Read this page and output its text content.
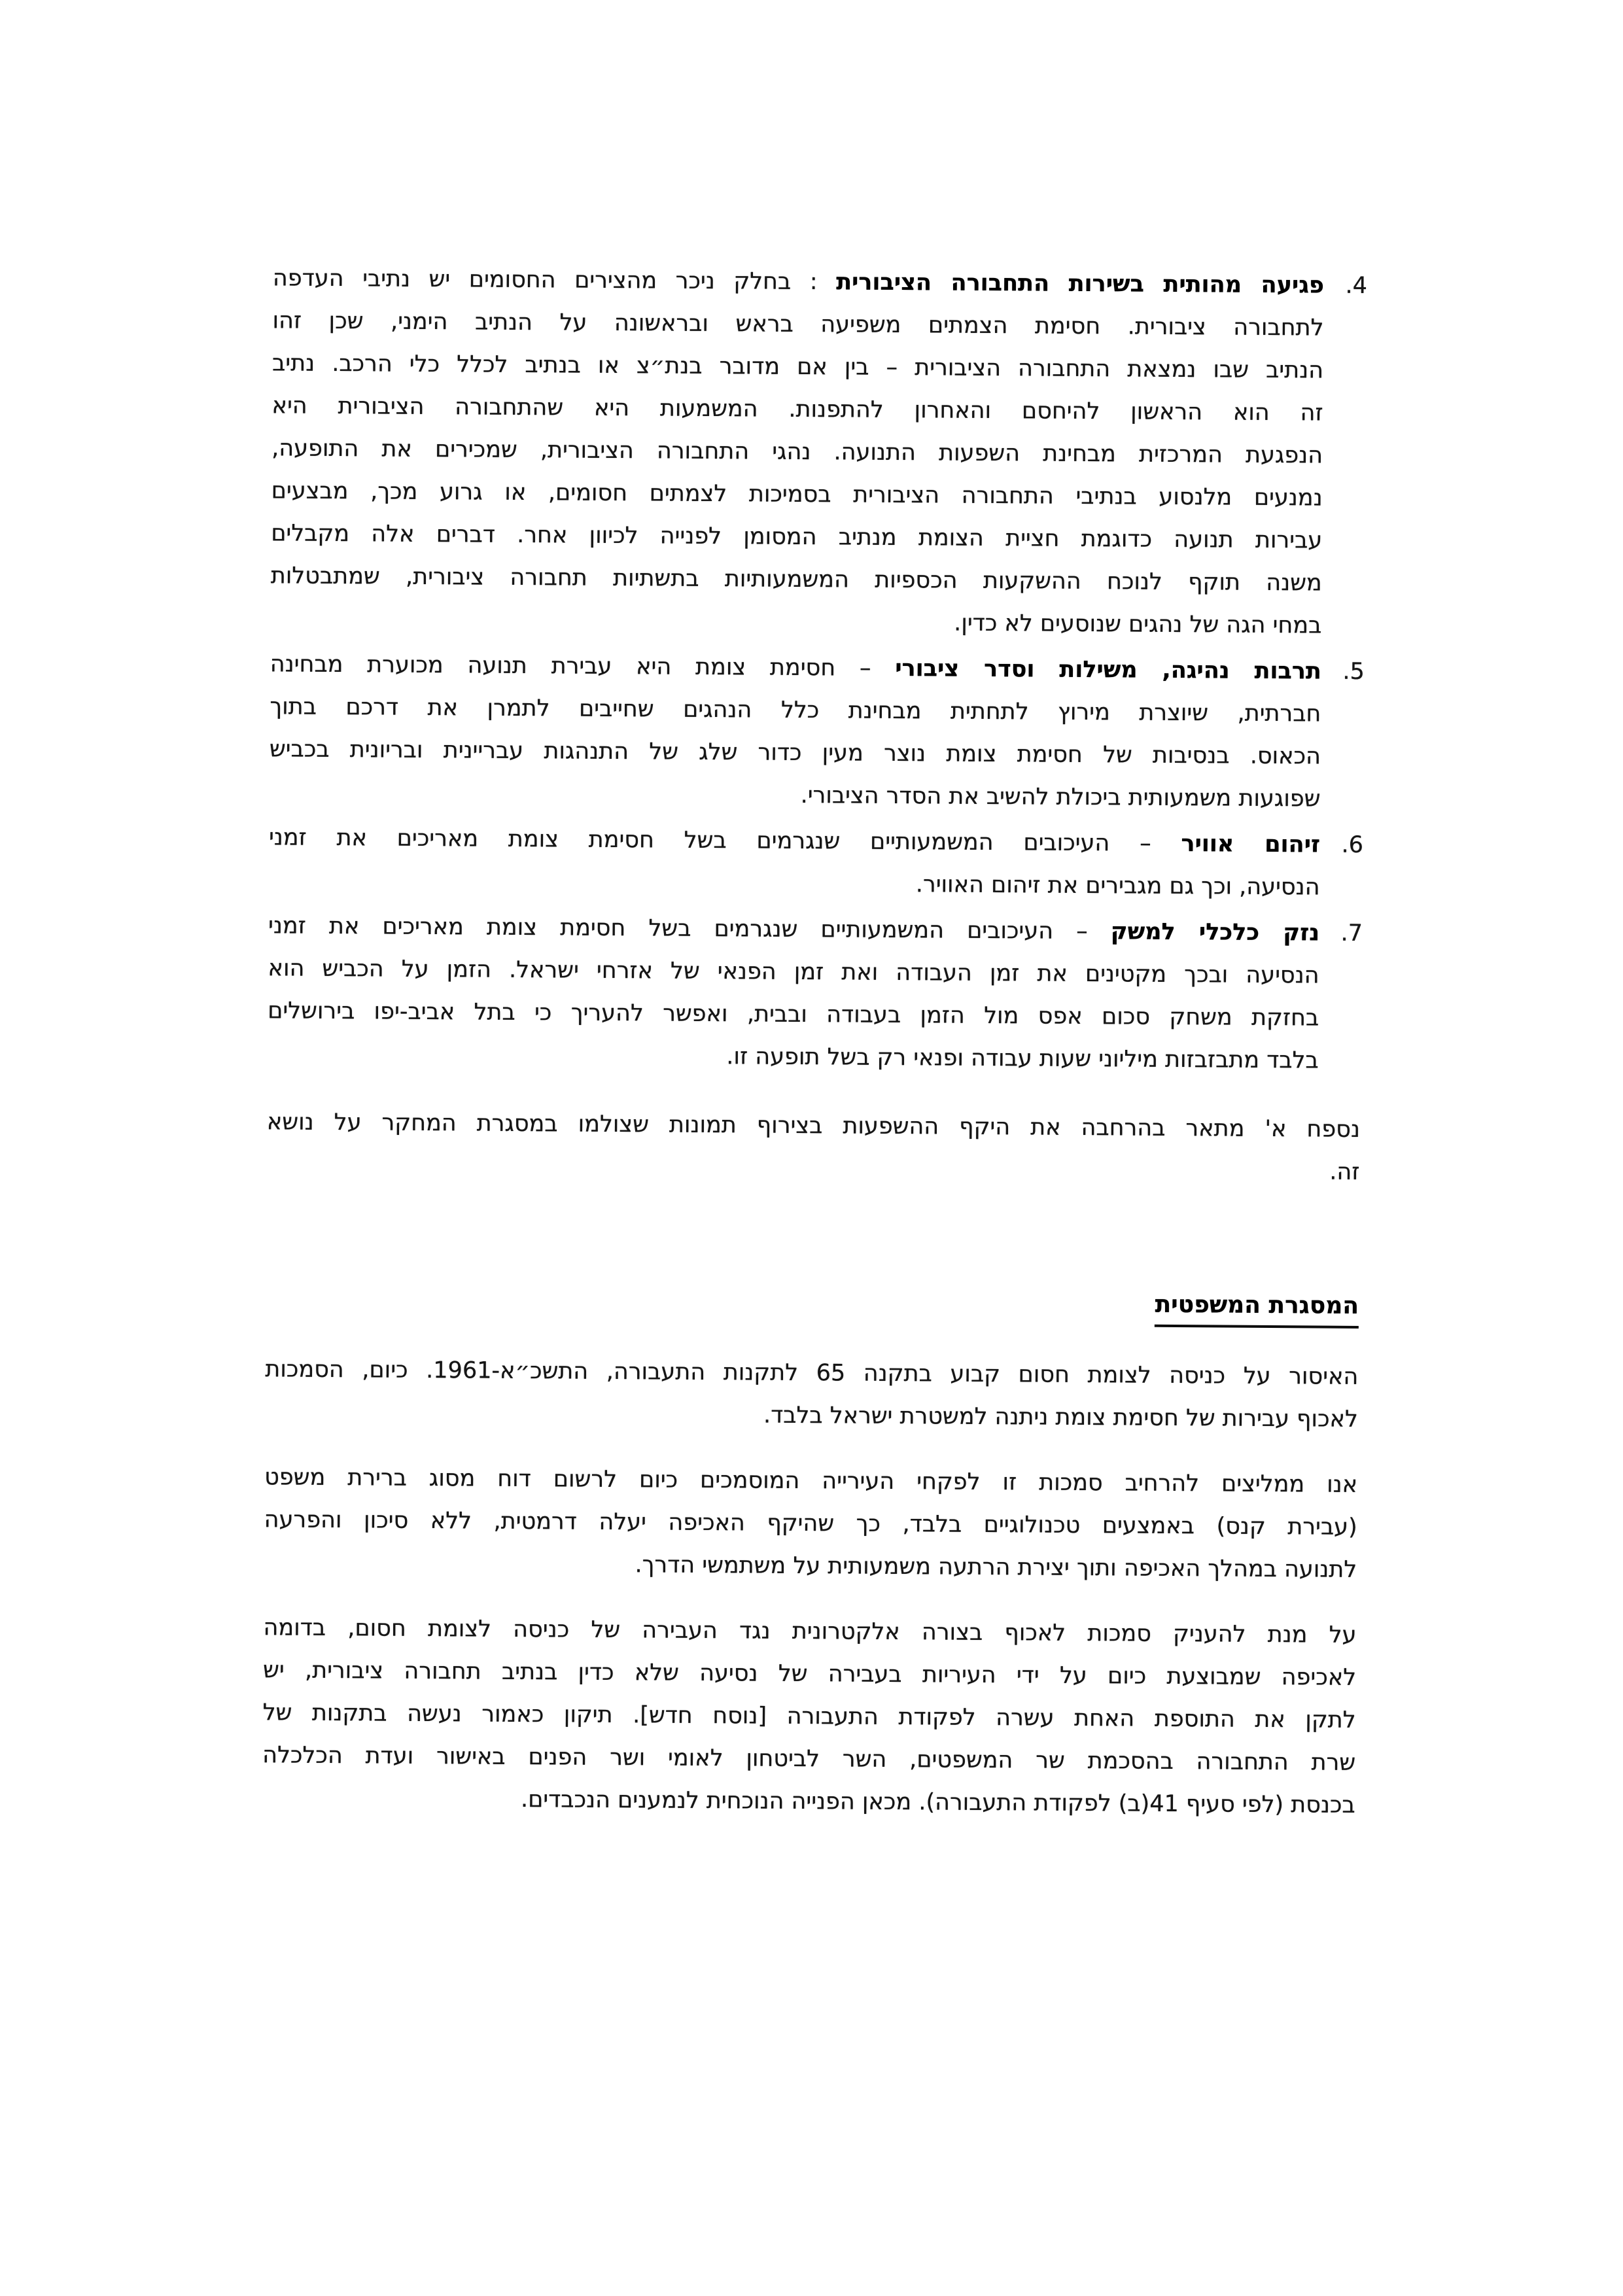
4.
פגיעה מהותית בשירות התחבורה הציבורית : בחלק ניכר מהצירים החסומים יש נתיבי העדפה
לתחבורה ציבורית. חסימת הצמתים משפיעה בראש ובראשונה על הנתיב הימני, שכן זהו
הנתיב שבו נמצאת התחבורה הציבורית – בין אם מדובר בנת״צ או בנתיב לכלל כלי הרכב. נתיב
זה הוא הראשון להיחסם והאחרון להתפנות. המשמעות היא שהתחבורה הציבורית היא
הנפגעת המרכזית מבחינת השפעות התנועה. נהגי התחבורה הציבורית, שמכירים את התופעה,
נמנעים מלנסוע בנתיבי התחבורה הציבורית בסמיכות לצמתים חסומים, או גרוע מכך, מבצעים
עבירות תנועה כדוגמת חציית הצומת מנתיב המסומן לפנייה לכיוון אחר. דברים אלה מקבלים
משנה תוקף לנוכח ההשקעות הכספיות המשמעותיות בתשתיות תחבורה ציבורית, שמתבטלות
במחי הגה של נהגים שנוסעים לא כדין.
5.
תרבות נהיגה, משילות וסדר ציבורי – חסימת צומת היא עבירת תנועה מכוערת מבחינה
חברתית, שיוצרת מירוץ לתחתית מבחינת כלל הנהגים שחייבים לתמרן את דרכם בתוך
הכאוס. בנסיבות של חסימת צומת נוצר מעין כדור שלג של התנהגות עבריינית ובריונית בכביש
שפוגעות משמעותית ביכולת להשיב את הסדר הציבורי.
6.
זיהום אוויר – העיכובים המשמעותיים שנגרמים בשל חסימת צומת מאריכים את זמני
הנסיעה, וכך גם מגבירים את זיהום האוויר.
7.
נזק כלכלי למשק – העיכובים המשמעותיים שנגרמים בשל חסימת צומת מאריכים את זמני
הנסיעה ובכך מקטינים את זמן העבודה ואת זמן הפנאי של אזרחי ישראל. הזמן על הכביש הוא
בחזקת משחק סכום אפס מול הזמן בעבודה ובבית, ואפשר להעריך כי בתל אביב-יפו בירושלים
בלבד מתבזבזות מיליוני שעות עבודה ופנאי רק בשל תופעה זו.
נספח א' מתאר בהרחבה את היקף ההשפעות בצירוף תמונות שצולמו במסגרת המחקר על נושא
זה.
המסגרת המשפטית
האיסור על כניסה לצומת חסום קבוע בתקנה 65 לתקנות התעבורה, התשכ״א-1961. כיום, הסמכות
לאכוף עבירות של חסימת צומת ניתנה למשטרת ישראל בלבד.
אנו ממליצים להרחיב סמכות זו לפקחי העירייה המוסמכים כיום לרשום דוח מסוג ברירת משפט
(עבירת קנס) באמצעים טכנולוגיים בלבד, כך שהיקף האכיפה יעלה דרמטית, ללא סיכון והפרעה
לתנועה במהלך האכיפה ותוך יצירת הרתעה משמעותית על משתמשי הדרך.
על מנת להעניק סמכות לאכוף בצורה אלקטרונית נגד העבירה של כניסה לצומת חסום, בדומה
לאכיפה שמבוצעת כיום על ידי העיריות בעבירה של נסיעה שלא כדין בנתיב תחבורה ציבורית, יש
לתקן את התוספת האחת עשרה לפקודת התעבורה [נוסח חדש]. תיקון כאמור נעשה בתקנות של
שרת התחבורה בהסכמת שר המשפטים, השר לביטחון לאומי ושר הפנים באישור ועדת הכלכלה
בכנסת (לפי סעיף 41(ב) לפקודת התעבורה). מכאן הפנייה הנוכחית לנמענים הנכבדים.
